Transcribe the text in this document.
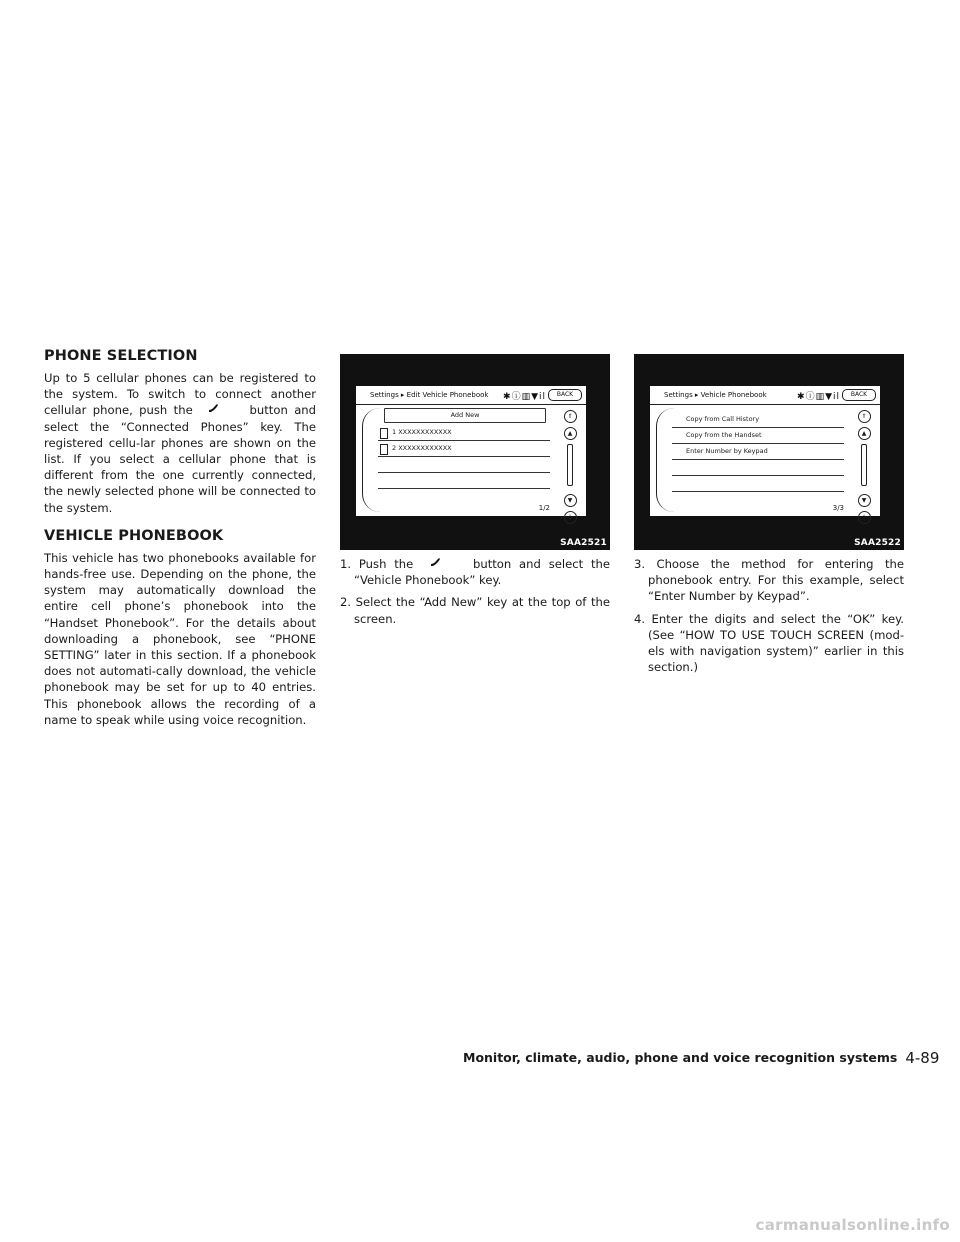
PHONE SELECTION

Up to 5 cellular phones can be registered to the system. To switch to connect another cellular phone, push the	button and select the “Connected Phones” key. The registered cellu-lar phones are shown on the list. If you select a cellular phone that is different from the one currently connected, the newly selected phone will be connected to the system.

VEHICLE PHONEBOOK

This vehicle has two phonebooks available for hands-free use. Depending on the phone, the system may automatically download the entire cell phone’s phonebook into the “Handset Phonebook”. For the details about downloading a phonebook, see “PHONE SETTING” later in this section. If a phonebook does not automati-cally download, the vehicle phonebook may be set for up to 40 entries. This phonebook allows the recording of a name to speak while using voice recognition.

Settings ▸ Edit Vehicle Phonebook ✱ⓘ▥▼il	BACK
Add New
1 XXXXXXXXXXXX
2 XXXXXXXXXXXX
⇑
▲
▼
⇓
1/2
SAA2521
1. Push the	button and select the “Vehicle Phonebook” key.
2. Select the “Add New” key at the top of the screen.
Settings ▸ Vehicle Phonebook	✱ⓘ▥▼il	BACK
Copy from Call History
Copy from the Handset
Enter Number by Keypad
⇑
▲
▼
⇓
3/3
SAA2522
3. Choose the method for entering the phonebook entry. For this example, select “Enter Number by Keypad”.
4. Enter the digits and select the “OK” key. (See “HOW TO USE TOUCH SCREEN (mod-els with navigation system)” earlier in this section.)
Monitor, climate, audio, phone and voice recognition systems 4-89
carmanualsonline.info
